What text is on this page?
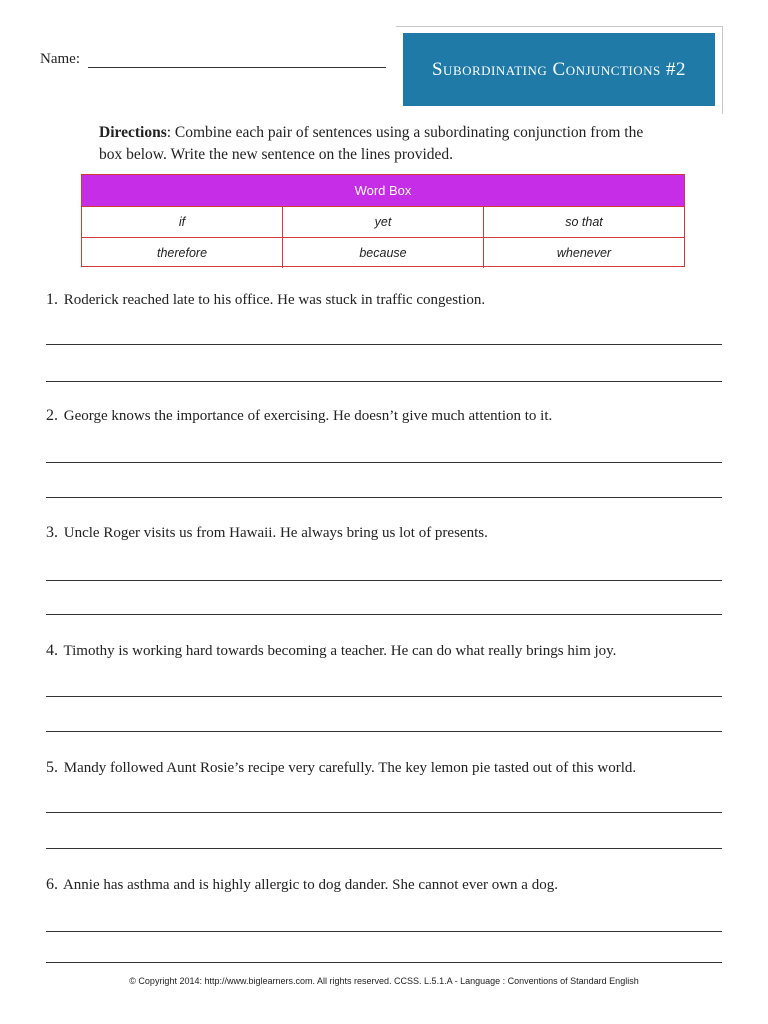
Name:	Subordinating Conjunctions #2
Directions: Combine each pair of sentences using a subordinating conjunction from the box below. Write the new sentence on the lines provided.
Word Box
if	yet	so that
therefore	because	whenever
1. Roderick reached late to his office. He was stuck in traffic congestion.
2. George knows the importance of exercising. He doesn’t give much attention to it.
3. Uncle Roger visits us from Hawaii. He always bring us lot of presents.
4. Timothy is working hard towards becoming a teacher. He can do what really brings him joy.
5. Mandy followed Aunt Rosie’s recipe very carefully. The key lemon pie tasted out of this world.
6. Annie has asthma and is highly allergic to dog dander. She cannot ever own a dog.
© Copyright 2014: http://www.biglearners.com. All rights reserved. CCSS. L.5.1.A - Language : Conventions of Standard English
